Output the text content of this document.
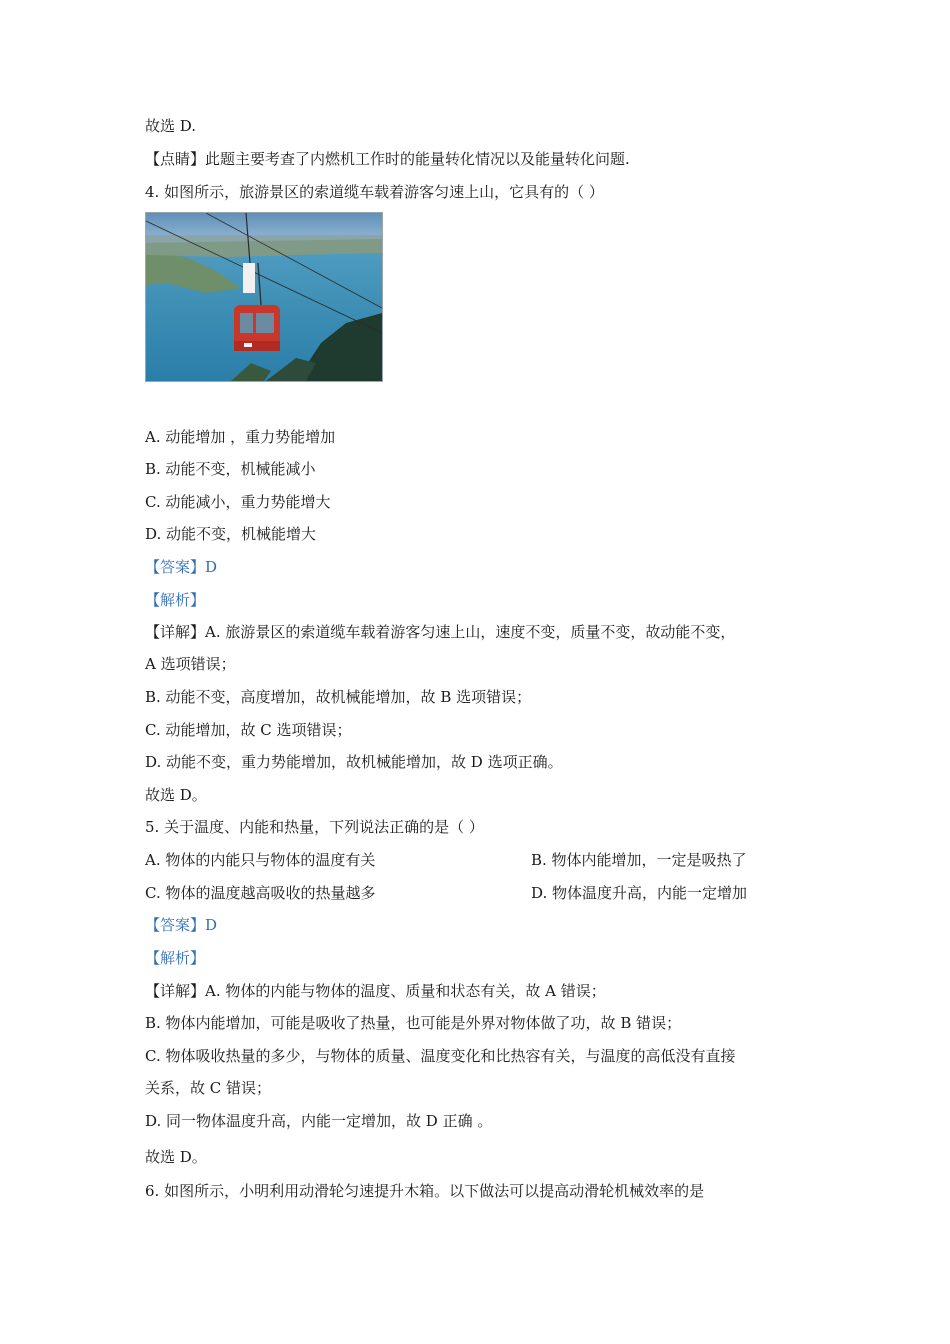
故选 D.
【点睛】此题主要考查了内燃机工作时的能量转化情况以及能量转化问题.
4. 如图所示，旅游景区的索道缆车载着游客匀速上山，它具有的（ ）
A. 动能增加 ，重力势能增加
B. 动能不变，机械能减小
C. 动能减小，重力势能增大
D. 动能不变，机械能增大
【答案】D
【解析】
【详解】A. 旅游景区的索道缆车载着游客匀速上山，速度不变，质量不变，故动能不变，
A 选项错误；
B. 动能不变，高度增加，故机械能增加，故 B 选项错误；
C. 动能增加，故 C 选项错误；
D. 动能不变，重力势能增加，故机械能增加，故 D 选项正确。
故选 D。
5. 关于温度、内能和热量，下列说法正确的是（ ）
A. 物体的内能只与物体的温度有关	B. 物体内能增加，一定是吸热了
C. 物体的温度越高吸收的热量越多	D. 物体温度升高，内能一定增加
【答案】D
【解析】
【详解】A. 物体的内能与物体的温度、质量和状态有关，故 A 错误；
B. 物体内能增加，可能是吸收了热量，也可能是外界对物体做了功，故 B 错误；
C. 物体吸收热量的多少，与物体的质量、温度变化和比热容有关，与温度的高低没有直接
关系，故 C 错误；
D. 同一物体温度升高，内能一定增加，故 D 正确 。
故选 D。
6. 如图所示，小明利用动滑轮匀速提升木箱。以下做法可以提高动滑轮机械效率的是
